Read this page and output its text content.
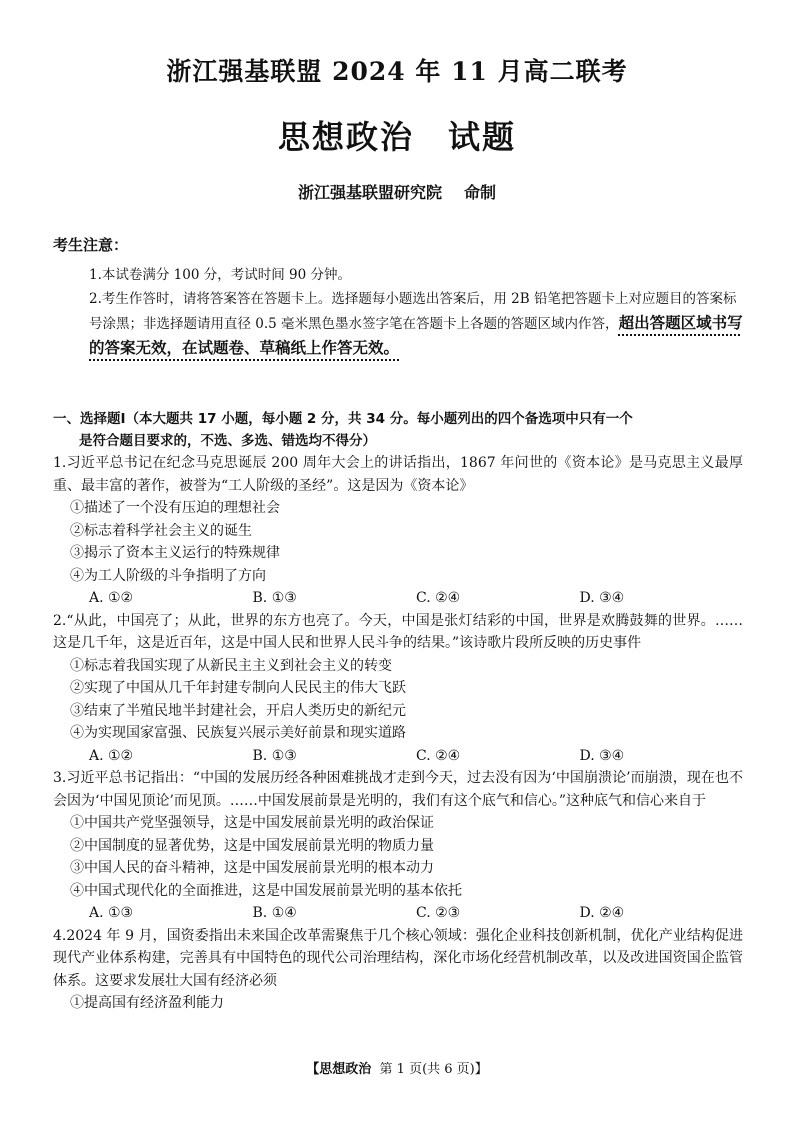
浙江强基联盟 2024 年 11 月高二联考
思想政治 试题
浙江强基联盟研究院 命制
考生注意：
1.本试卷满分 100 分，考试时间 90 分钟。
2.考生作答时，请将答案答在答题卡上。选择题每小题选出答案后，用 2B 铅笔把答题卡上对应题目的答案标号涂黑；非选择题请用直径 0.5 毫米黑色墨水签字笔在答题卡上各题的答题区域内作答，超出答题区域书写的答案无效，在试题卷、草稿纸上作答无效。
一、选择题Ⅰ（本大题共 17 小题，每小题 2 分，共 34 分。每小题列出的四个备选项中只有一个
是符合题目要求的，不选、多选、错选均不得分）
1.习近平总书记在纪念马克思诞辰 200 周年大会上的讲话指出，1867 年问世的《资本论》是马克思主义最厚重、最丰富的著作，被誉为“工人阶级的圣经”。这是因为《资本论》
①描述了一个没有压迫的理想社会
②标志着科学社会主义的诞生
③揭示了资本主义运行的特殊规律
④为工人阶级的斗争指明了方向
A. ①②	B. ①③	C. ②④	D. ③④
2.“从此，中国亮了；从此，世界的东方也亮了。今天，中国是张灯结彩的中国，世界是欢腾鼓舞的世界。……这是几千年，这是近百年，这是中国人民和世界人民斗争的结果。”该诗歌片段所反映的历史事件
①标志着我国实现了从新民主主义到社会主义的转变
②实现了中国从几千年封建专制向人民民主的伟大飞跃
③结束了半殖民地半封建社会，开启人类历史的新纪元
④为实现国家富强、民族复兴展示美好前景和现实道路
A. ①②	B. ①③	C. ②④	D. ③④
3.习近平总书记指出：“中国的发展历经各种困难挑战才走到今天，过去没有因为‘中国崩溃论’而崩溃，现在也不会因为‘中国见顶论’而见顶。……中国发展前景是光明的，我们有这个底气和信心。”这种底气和信心来自于
①中国共产党坚强领导，这是中国发展前景光明的政治保证
②中国制度的显著优势，这是中国发展前景光明的物质力量
③中国人民的奋斗精神，这是中国发展前景光明的根本动力
④中国式现代化的全面推进，这是中国发展前景光明的基本依托
A. ①③	B. ①④	C. ②③	D. ②④
4.2024 年 9 月，国资委指出未来国企改革需聚焦于几个核心领域：强化企业科技创新机制，优化产业结构促进现代产业体系构建，完善具有中国特色的现代公司治理结构，深化市场化经营机制改革，以及改进国资国企监管体系。这要求发展壮大国有经济必须
①提高国有经济盈利能力
【思想政治 第 1 页(共 6 页)】
